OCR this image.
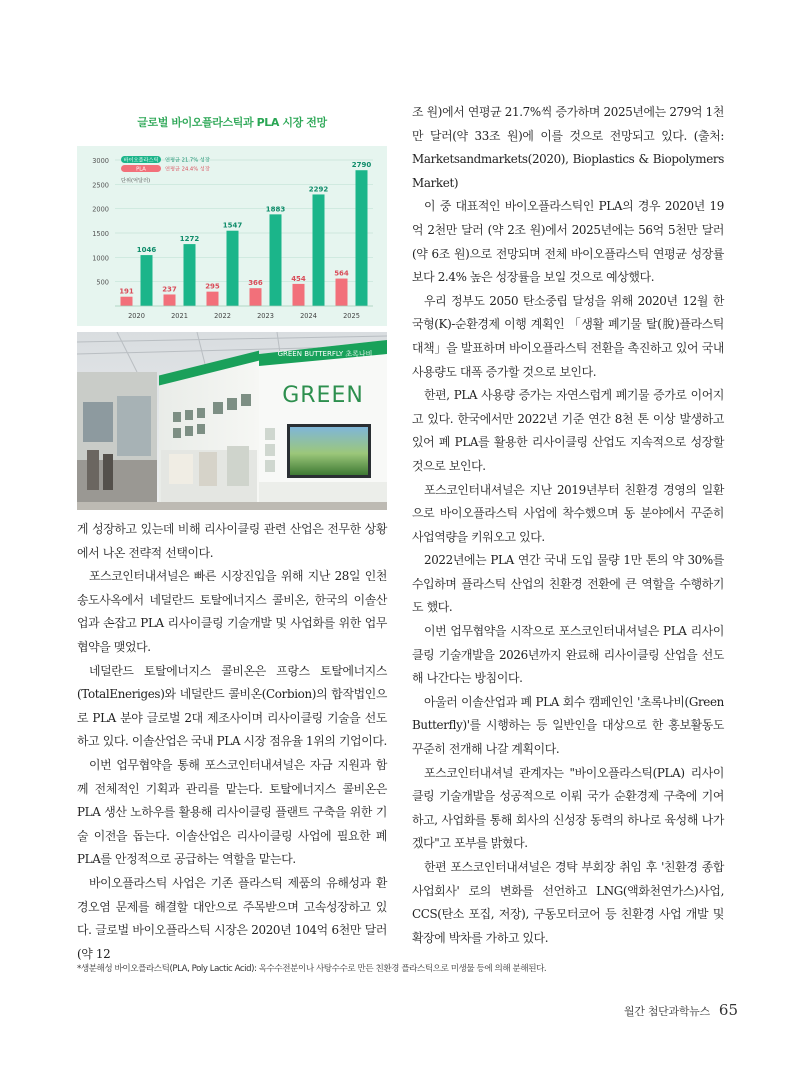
글로벌 바이오플라스틱과 PLA 시장 전망
500
1000
1500
2000
2500
3000	바이오플라스틱 연평균 21.7% 성장
PLA	연평균 24.4% 성장
단위(억달러)
191
1046
2020
237
1272
2021
295
1547
2022
366
1883
2023
454
2292
2024
564
2790
2025
GREEN BUTTERFLY 초록나비
GREEN

게 성장하고 있는데 비해 리사이클링 관련 산업은 전무한 상황에서 나온 전략적 선택이다.

포스코인터내셔널은 빠른 시장진입을 위해 지난 28일 인천 송도사옥에서 네덜란드 토탈에너지스 콜비온, 한국의 이솔산업과 손잡고 PLA 리사이클링 기술개발 및 사업화를 위한 업무협약을 맺었다.

네덜란드 토탈에너지스 콜비온은 프랑스 토탈에너지스(TotalEneriges)와 네덜란드 콜비온(Corbion)의 합작법인으로 PLA 분야 글로벌 2대 제조사이며 리사이클링 기술을 선도하고 있다. 이솔산업은 국내 PLA 시장 점유율 1위의 기업이다.

이번 업무협약을 통해 포스코인터내셔널은 자금 지원과 함께 전체적인 기획과 관리를 맡는다. 토탈에너지스 콜비온은 PLA 생산 노하우를 활용해 리사이클링 플랜트 구축을 위한 기술 이전을 돕는다. 이솔산업은 리사이클링 사업에 필요한 폐 PLA를 안정적으로 공급하는 역할을 맡는다.

바이오플라스틱 사업은 기존 플라스틱 제품의 유해성과 환경오염 문제를 해결할 대안으로 주목받으며 고속성장하고 있다. 글로벌 바이오플라스틱 시장은 2020년 104억 6천만 달러(약 12

조 원)에서 연평균 21.7%씩 증가하며 2025년에는 279억 1천만 달러(약 33조 원)에 이를 것으로 전망되고 있다. (출처: Marketsandmarkets(2020), Bioplastics & Biopolymers Market)

이 중 대표적인 바이오플라스틱인 PLA의 경우 2020년 19억 2천만 달러 (약 2조 원)에서 2025년에는 56억 5천만 달러(약 6조 원)으로 전망되며 전체 바이오플라스틱 연평균 성장률보다 2.4% 높은 성장률을 보일 것으로 예상했다.

우리 정부도 2050 탄소중립 달성을 위해 2020년 12월 한국형(K)-순환경제 이행 계획인 「생활 폐기물 탈(脫)플라스틱 대책」을 발표하며 바이오플라스틱 전환을 촉진하고 있어 국내 사용량도 대폭 증가할 것으로 보인다.

한편, PLA 사용량 증가는 자연스럽게 폐기물 증가로 이어지고 있다. 한국에서만 2022년 기준 연간 8천 톤 이상 발생하고 있어 폐 PLA를 활용한 리사이클링 산업도 지속적으로 성장할 것으로 보인다.

포스코인터내셔널은 지난 2019년부터 친환경 경영의 일환으로 바이오플라스틱 사업에 착수했으며 동 분야에서 꾸준히 사업역량을 키워오고 있다.

2022년에는 PLA 연간 국내 도입 물량 1만 톤의 약 30%를 수입하며 플라스틱 산업의 친환경 전환에 큰 역할을 수행하기도 했다.

이번 업무협약을 시작으로 포스코인터내셔널은 PLA 리사이클링 기술개발을 2026년까지 완료해 리사이클링 산업을 선도해 나간다는 방침이다.

아울러 이솔산업과 폐 PLA 회수 캠페인인 '초록나비(Green Butterfly)'를 시행하는 등 일반인을 대상으로 한 홍보활동도 꾸준히 전개해 나갈 계획이다.

포스코인터내셔널 관계자는 "바이오플라스틱(PLA) 리사이클링 기술개발을 성공적으로 이뤄 국가 순환경제 구축에 기여하고, 사업화를 통해 회사의 신성장 동력의 하나로 육성해 나가겠다"고 포부를 밝혔다.

한편 포스코인터내셔널은 경탁 부회장 취임 후 '친환경 종합사업회사' 로의 변화를 선언하고 LNG(액화천연가스)사업, CCS(탄소 포집, 저장), 구동모터코어 등 친환경 사업 개발 및 확장에 박차를 가하고 있다.

*생분해성 바이오플라스틱(PLA, Poly Lactic Acid): 옥수수전분이나 사탕수수로 만든 친환경 플라스틱으로 미생물 등에 의해 분해된다.
월간 첨단과학뉴스 65
